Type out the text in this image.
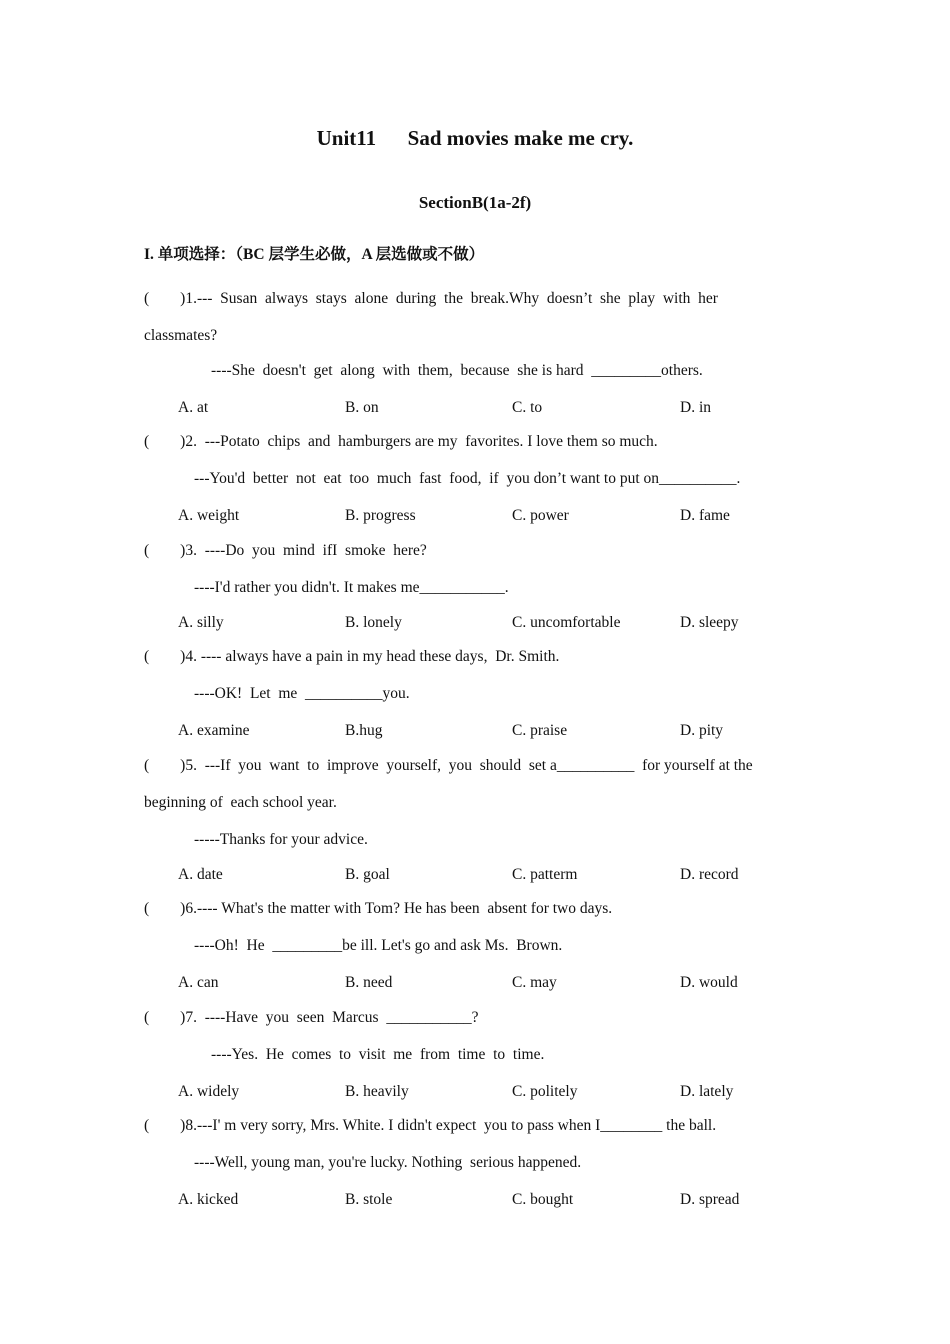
Unit11      Sad movies make me cry.
SectionB(1a-2f)
I. 单项选择：（BC 层学生必做，A 层选做或不做）
(        )1.---  Susan  always  stays  alone  during  the  break.Why  doesn’t  she  play  with  her
classmates?
----She  doesn't  get  along  with  them,  because  she is hard  _________others.
A. at	B. on	C. to	D. in
(        )2.  ---Potato  chips  and  hamburgers are my  favorites. I love them so much.
---You'd  better  not  eat  too  much  fast  food,  if  you don’t want to put on__________.
A. weight	B. progress	C. power	D. fame
(        )3.  ----Do  you  mind  ifI  smoke  here?
----I'd rather you didn't. It makes me___________.
A. silly	B. lonely	C. uncomfortable	D. sleepy
(        )4. ---- always have a pain in my head these days,  Dr. Smith.
----OK!  Let  me  __________you.
A. examine	B.hug	C. praise	D. pity
(        )5.  ---If  you  want  to  improve  yourself,  you  should  set a__________  for yourself at the
beginning of  each school year.
-----Thanks for your advice.
A. date	B. goal	C. patterm	D. record
(        )6.---- What's the matter with Tom? He has been  absent for two days.
----Oh!  He  _________be ill. Let's go and ask Ms.  Brown.
A. can	B. need	C. may	D. would
(        )7.  ----Have  you  seen  Marcus  ___________?
----Yes.  He  comes  to  visit  me  from  time  to  time.
A. widely	B. heavily	C. politely	D. lately
(        )8.---I' m very sorry, Mrs. White. I didn't expect  you to pass when I________ the ball.
----Well, young man, you're lucky. Nothing  serious happened.
A. kicked	B. stole	C. bought	D. spread
